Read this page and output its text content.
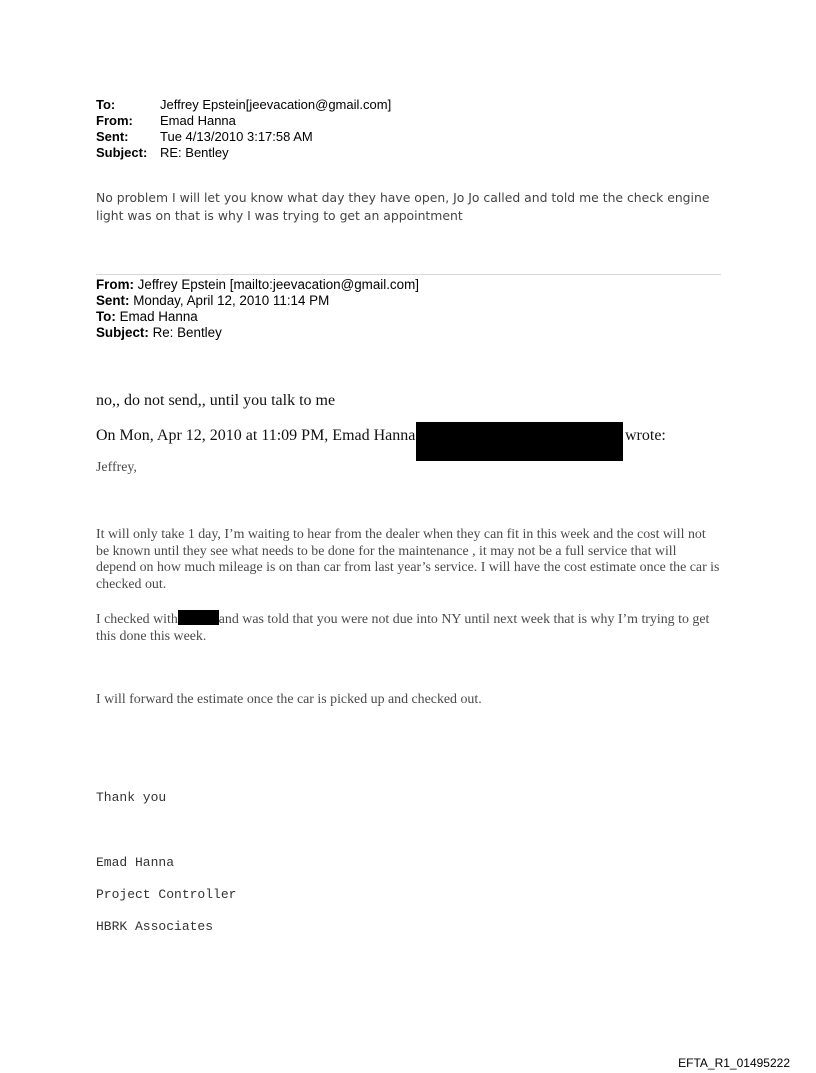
To:	Jeffrey Epstein[jeevacation@gmail.com]
From: Emad Hanna
Sent: Tue 4/13/2010 3:17:58 AM
Subject: RE: Bentley
No problem I will let you know what day they have open, Jo Jo called and told me the check engine light was on that is why I was trying to get an appointment
From: Jeffrey Epstein [mailto:jeevacation@gmail.com]
Sent: Monday, April 12, 2010 11:14 PM
To: Emad Hanna
Subject: Re: Bentley
no,, do not send,, until you talk to me
On Mon, Apr 12, 2010 at 11:09 PM, Emad Hanna	wrote:
Jeffrey,
It will only take 1 day, I’m waiting to hear from the dealer when they can fit in this week and the cost will not be known until they see what needs to be done for the maintenance , it may not be a full service that will depend on how much mileage is on than car from last year’s service. I will have the cost estimate once the car is checked out.
I checked with	and was told that you were not due into NY until next week that is why I’m trying to get this done this week.
I will forward the estimate once the car is picked up and checked out.
Thank you
Emad Hanna
Project Controller
HBRK Associates
EFTA_R1_01495222
